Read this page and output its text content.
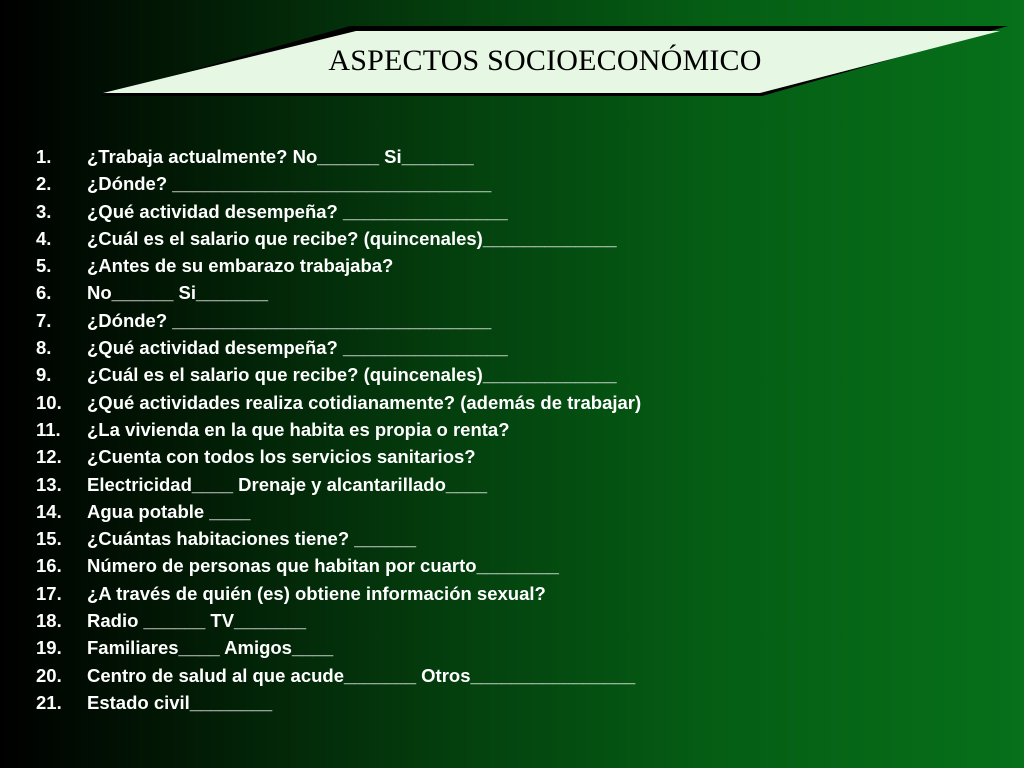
ASPECTOS SOCIOECONÓMICO
1.	¿Trabaja actualmente? No______ Si_______
2.	¿Dónde? _______________________________
3.	¿Qué actividad desempeña? ________________
4.	¿Cuál es el salario que recibe? (quincenales)_____________
5.	¿Antes de su embarazo trabajaba?
6.	No______ Si_______
7.	¿Dónde? _______________________________
8.	¿Qué actividad desempeña? ________________
9.	¿Cuál es el salario que recibe? (quincenales)_____________
10.	¿Qué actividades realiza cotidianamente? (además de trabajar)
11.	¿La vivienda en la que habita es propia o renta?
12.	¿Cuenta con todos los servicios sanitarios?
13.	Electricidad____ Drenaje y alcantarillado____
14.	Agua potable ____
15.	¿Cuántas habitaciones tiene? ______
16.	Número de personas que habitan por cuarto________
17.	¿A través de quién (es) obtiene información sexual?
18.	Radio ______ TV_______
19.	Familiares____ Amigos____
20.	Centro de salud al que acude_______ Otros________________
21.	Estado civil________
